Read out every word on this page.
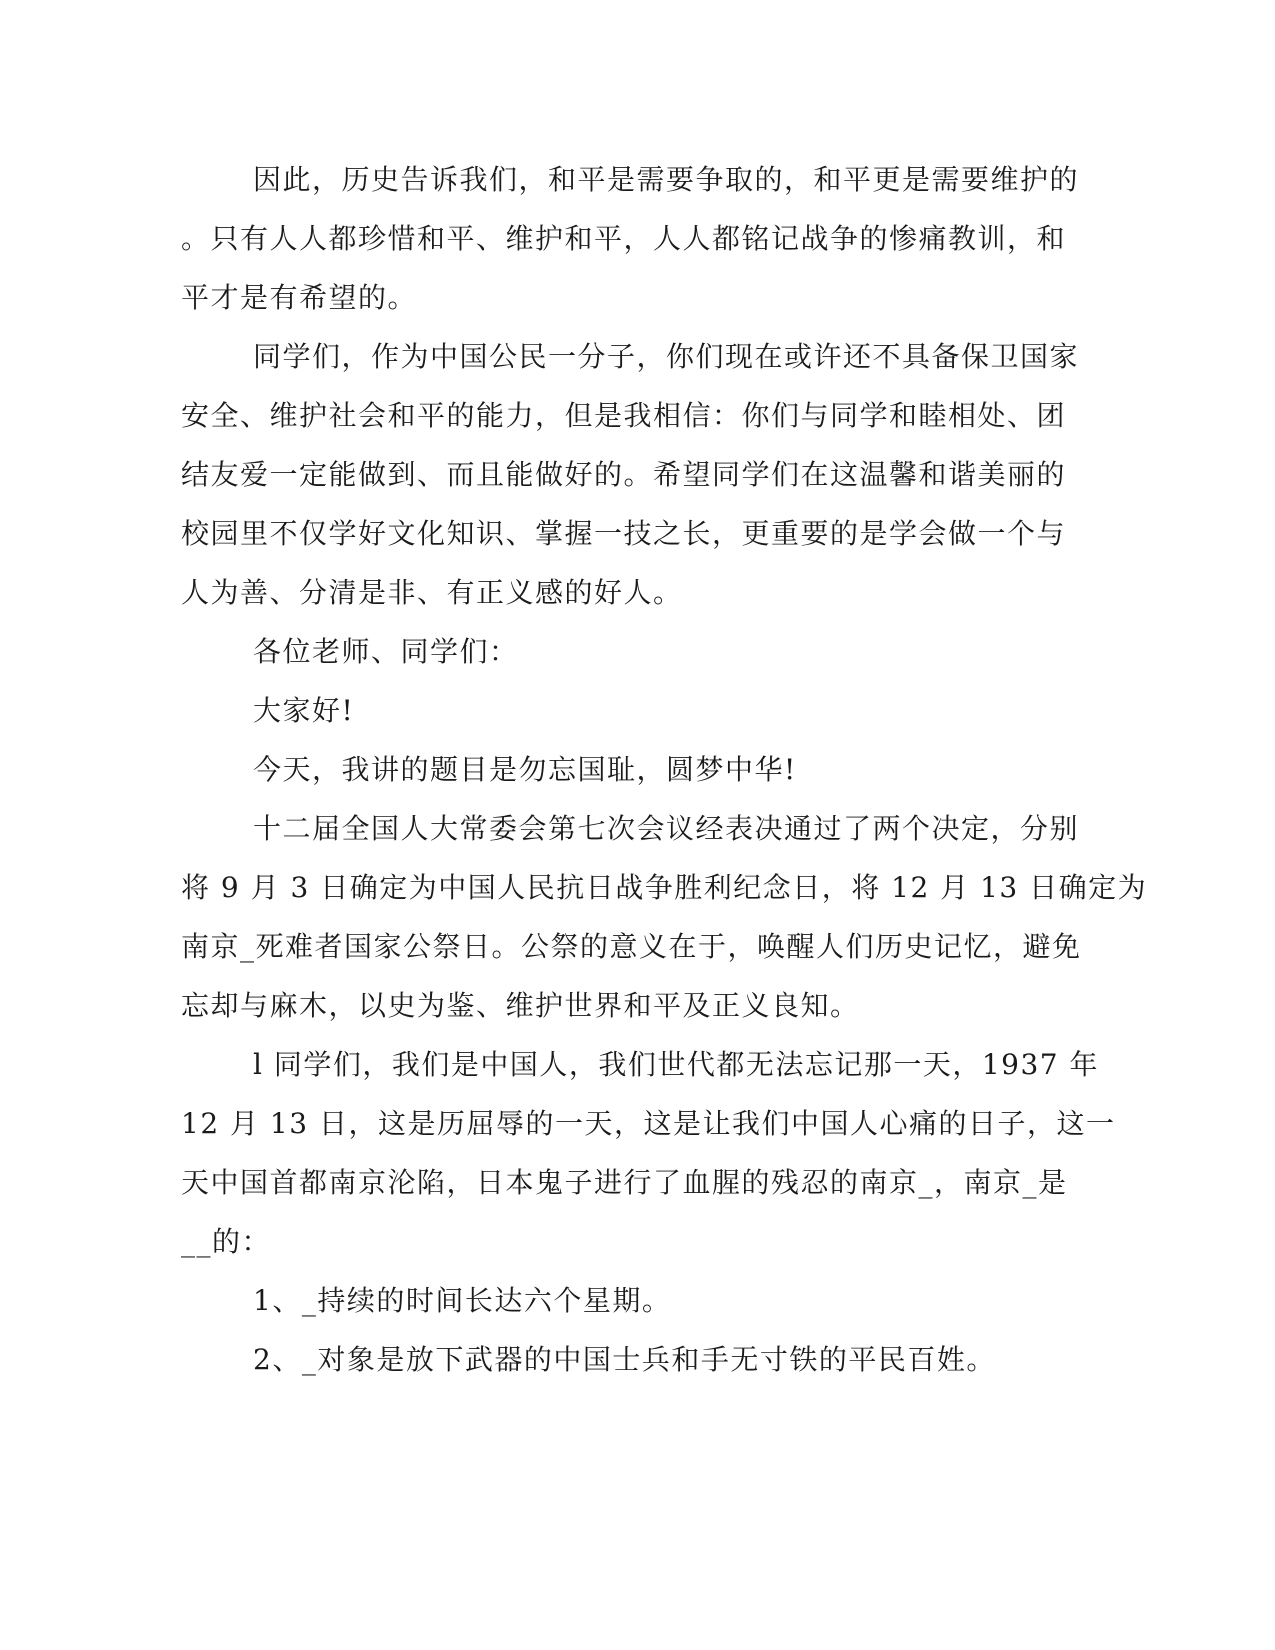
因此，历史告诉我们，和平是需要争取的，和平更是需要维护的
。只有人人都珍惜和平、维护和平，人人都铭记战争的惨痛教训，和
平才是有希望的。
同学们，作为中国公民一分子，你们现在或许还不具备保卫国家
安全、维护社会和平的能力，但是我相信：你们与同学和睦相处、团
结友爱一定能做到、而且能做好的。希望同学们在这温馨和谐美丽的
校园里不仅学好文化知识、掌握一技之长，更重要的是学会做一个与
人为善、分清是非、有正义感的好人。
各位老师、同学们：
大家好!
今天，我讲的题目是勿忘国耻，圆梦中华!
十二届全国人大常委会第七次会议经表决通过了两个决定，分别
将 9 月 3 日确定为中国人民抗日战争胜利纪念日，将 12 月 13 日确定为
南京_死难者国家公祭日。公祭的意义在于，唤醒人们历史记忆，避免
忘却与麻木，以史为鉴、维护世界和平及正义良知。
l 同学们，我们是中国人，我们世代都无法忘记那一天，1937 年
12 月 13 日，这是历屈辱的一天，这是让我们中国人心痛的日子，这一
天中国首都南京沦陷，日本鬼子进行了血腥的残忍的南京_，南京_是
__的：
1、_持续的时间长达六个星期。
2、_对象是放下武器的中国士兵和手无寸铁的平民百姓。
